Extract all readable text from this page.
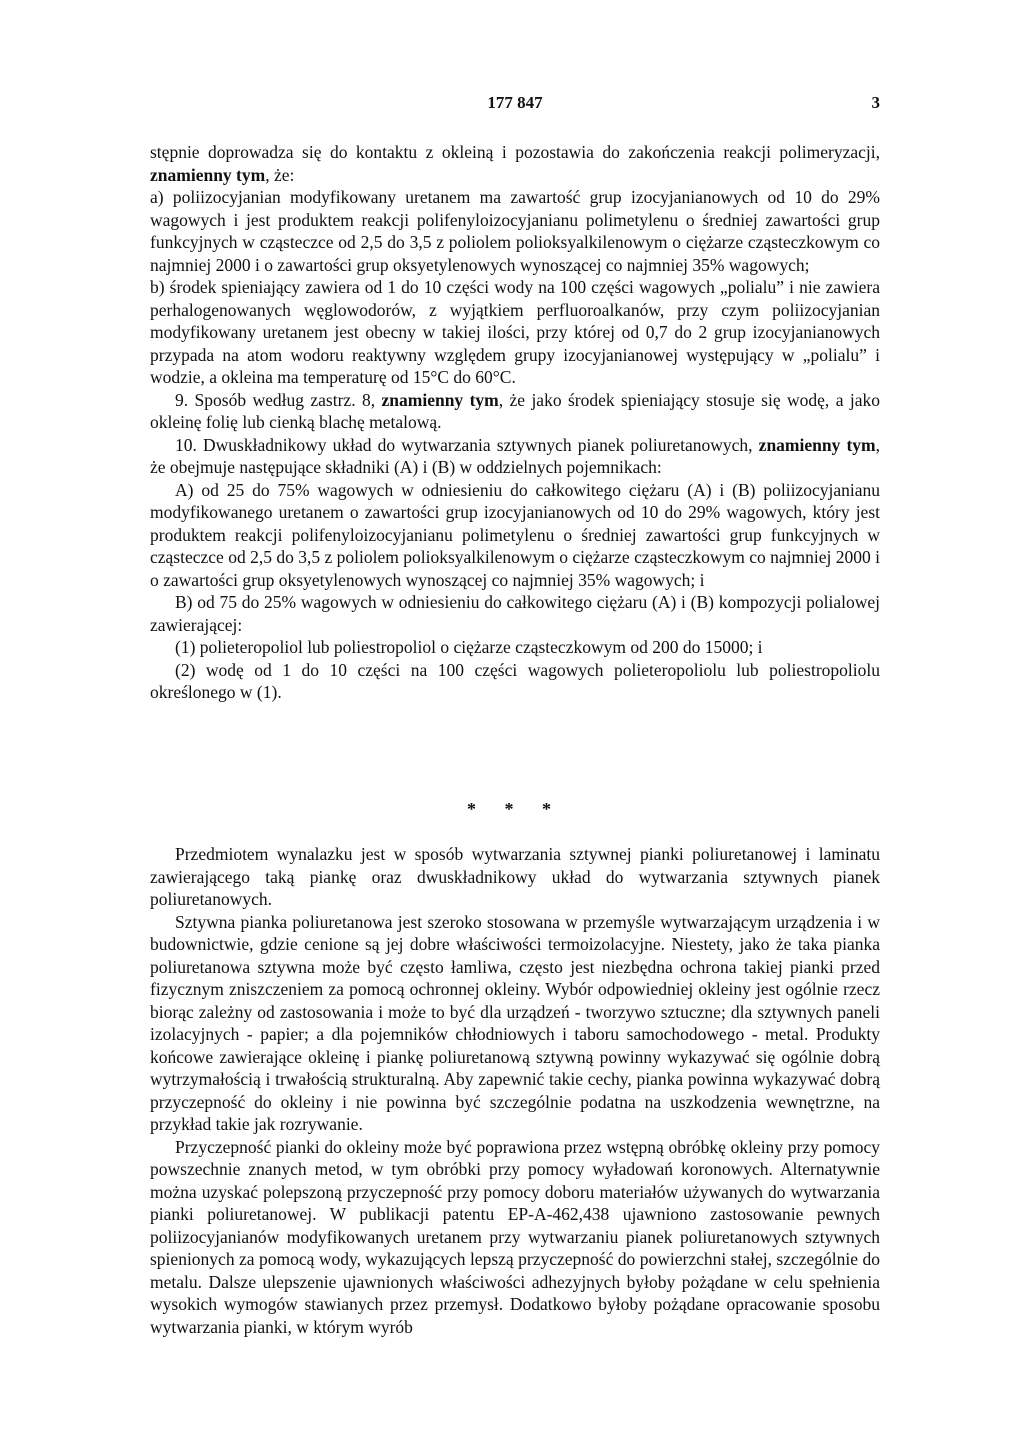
177 847	3

stępnie doprowadza się do kontaktu z okleiną i pozostawia do zakończenia reakcji polimeryzacji, znamienny tym, że:

a) poliizocyjanian modyfikowany uretanem ma zawartość grup izocyjanianowych od 10 do 29% wagowych i jest produktem reakcji polifenyloizocyjanianu polimetylenu o średniej zawartości grup funkcyjnych w cząsteczce od 2,5 do 3,5 z poliolem polioksyalkilenowym o ciężarze cząsteczkowym co najmniej 2000 i o zawartości grup oksyetylenowych wynoszącej co najmniej 35% wagowych;

b) środek spieniający zawiera od 1 do 10 części wody na 100 części wagowych „polialu” i nie zawiera perhalogenowanych węglowodorów, z wyjątkiem perfluoroalkanów, przy czym poliizocyjanian modyfikowany uretanem jest obecny w takiej ilości, przy której od 0,7 do 2 grup izocyjanianowych przypada na atom wodoru reaktywny względem grupy izocyjanianowej występujący w „polialu” i wodzie, a okleina ma temperaturę od 15°C do 60°C.

9. Sposób według zastrz. 8, znamienny tym, że jako środek spieniający stosuje się wodę, a jako okleinę folię lub cienką blachę metalową.

10. Dwuskładnikowy układ do wytwarzania sztywnych pianek poliuretanowych, znamienny tym, że obejmuje następujące składniki (A) i (B) w oddzielnych pojemnikach:

A) od 25 do 75% wagowych w odniesieniu do całkowitego ciężaru (A) i (B) poliizocyjanianu modyfikowanego uretanem o zawartości grup izocyjanianowych od 10 do 29% wagowych, który jest produktem reakcji polifenyloizocyjanianu polimetylenu o średniej zawartości grup funkcyjnych w cząsteczce od 2,5 do 3,5 z poliolem polioksyalkilenowym o ciężarze cząsteczkowym co najmniej 2000 i o zawartości grup oksyetylenowych wynoszącej co najmniej 35% wagowych; i

B) od 75 do 25% wagowych w odniesieniu do całkowitego ciężaru (A) i (B) kompozycji polialowej zawierającej:

(1) polieteropoliol lub poliestropoliol o ciężarze cząsteczkowym od 200 do 15000; i

(2) wodę od 1 do 10 części na 100 części wagowych polieteropoliolu lub poliestropoliolu określonego w (1).

* * *

Przedmiotem wynalazku jest w sposób wytwarzania sztywnej pianki poliuretanowej i laminatu zawierającego taką piankę oraz dwuskładnikowy układ do wytwarzania sztywnych pianek poliuretanowych.

Sztywna pianka poliuretanowa jest szeroko stosowana w przemyśle wytwarzającym urządzenia i w budownictwie, gdzie cenione są jej dobre właściwości termoizolacyjne. Niestety, jako że taka pianka poliuretanowa sztywna może być często łamliwa, często jest niezbędna ochrona takiej pianki przed fizycznym zniszczeniem za pomocą ochronnej okleiny. Wybór odpowiedniej okleiny jest ogólnie rzecz biorąc zależny od zastosowania i może to być dla urządzeń - tworzywo sztuczne; dla sztywnych paneli izolacyjnych - papier; a dla pojemników chłodniowych i taboru samochodowego - metal. Produkty końcowe zawierające okleinę i piankę poliuretanową sztywną powinny wykazywać się ogólnie dobrą wytrzymałością i trwałością strukturalną. Aby zapewnić takie cechy, pianka powinna wykazywać dobrą przyczepność do okleiny i nie powinna być szczególnie podatna na uszkodzenia wewnętrzne, na przykład takie jak rozrywanie.

Przyczepność pianki do okleiny może być poprawiona przez wstępną obróbkę okleiny przy pomocy powszechnie znanych metod, w tym obróbki przy pomocy wyładowań koronowych. Alternatywnie można uzyskać polepszoną przyczepność przy pomocy doboru materiałów używanych do wytwarzania pianki poliuretanowej. W publikacji patentu EP-A-462,438 ujawniono zastosowanie pewnych poliizocyjanianów modyfikowanych uretanem przy wytwarzaniu pianek poliuretanowych sztywnych spienionych za pomocą wody, wykazujących lepszą przyczepność do powierzchni stałej, szczególnie do metalu. Dalsze ulepszenie ujawnionych właściwości adhezyjnych byłoby pożądane w celu spełnienia wysokich wymogów stawianych przez przemysł. Dodatkowo byłoby pożądane opracowanie sposobu wytwarzania pianki, w którym wyrób
